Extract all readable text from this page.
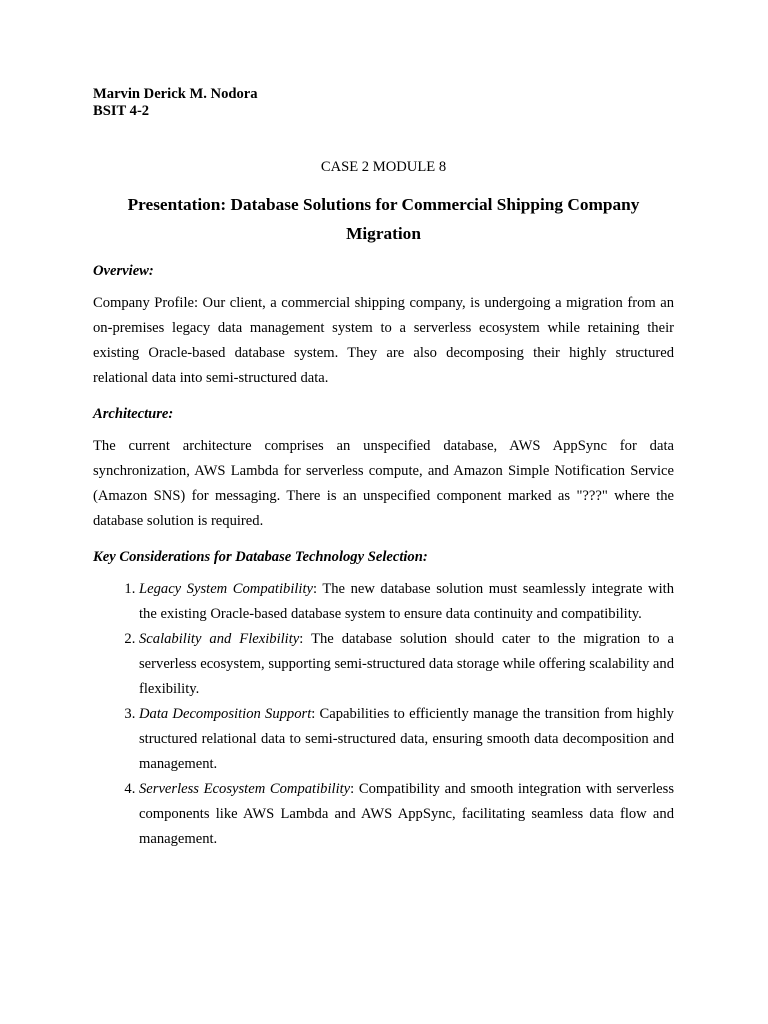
Marvin Derick M. Nodora
BSIT 4-2
CASE 2 MODULE 8
Presentation: Database Solutions for Commercial Shipping Company Migration
Overview:
Company Profile: Our client, a commercial shipping company, is undergoing a migration from an on-premises legacy data management system to a serverless ecosystem while retaining their existing Oracle-based database system. They are also decomposing their highly structured relational data into semi-structured data.
Architecture:
The current architecture comprises an unspecified database, AWS AppSync for data synchronization, AWS Lambda for serverless compute, and Amazon Simple Notification Service (Amazon SNS) for messaging. There is an unspecified component marked as "???" where the database solution is required.
Key Considerations for Database Technology Selection:
1. Legacy System Compatibility: The new database solution must seamlessly integrate with the existing Oracle-based database system to ensure data continuity and compatibility.
2. Scalability and Flexibility: The database solution should cater to the migration to a serverless ecosystem, supporting semi-structured data storage while offering scalability and flexibility.
3. Data Decomposition Support: Capabilities to efficiently manage the transition from highly structured relational data to semi-structured data, ensuring smooth data decomposition and management.
4. Serverless Ecosystem Compatibility: Compatibility and smooth integration with serverless components like AWS Lambda and AWS AppSync, facilitating seamless data flow and management.
